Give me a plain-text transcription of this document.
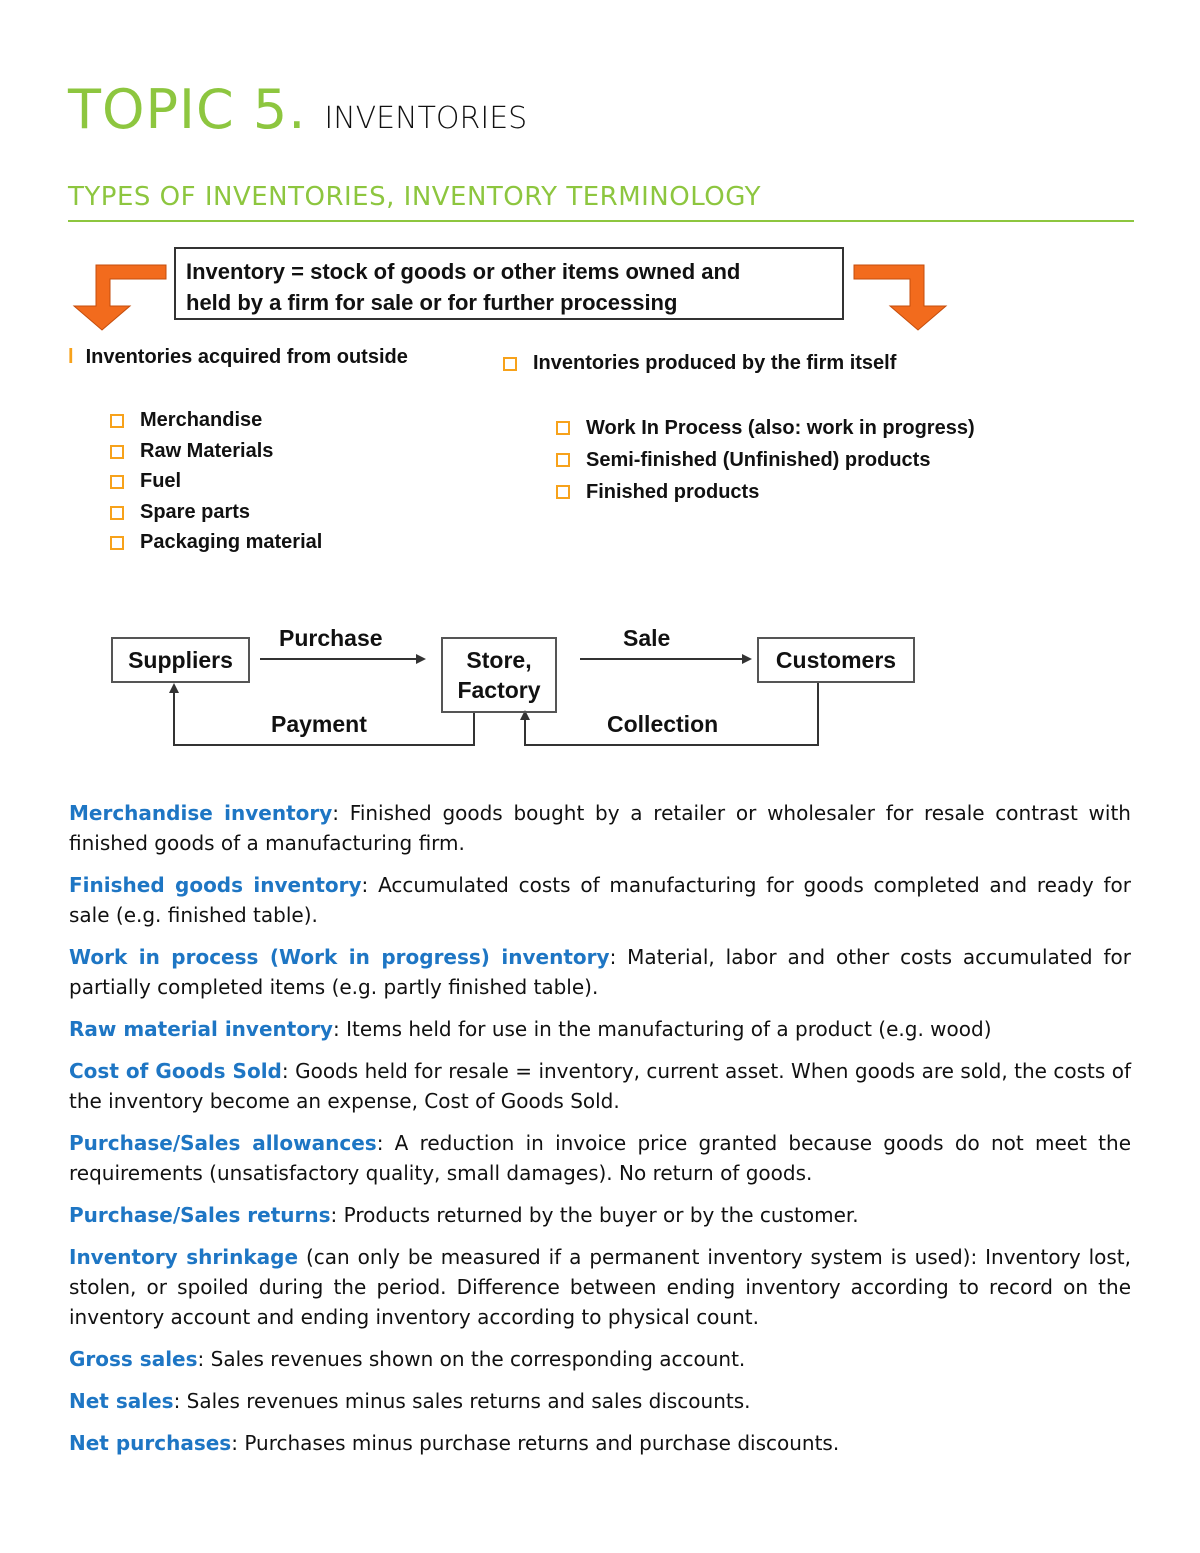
TOPIC 5. INVENTORIES
TYPES OF INVENTORIES, INVENTORY TERMINOLOGY
Inventory = stock of goods or other items owned and
held by a firm for sale or for further processing
l Inventories acquired from outside
Merchandise
Raw Materials
Fuel
Spare parts
Packaging material
Inventories produced by the firm itself
Work In Process (also: work in progress)
Semi-finished (Unfinished) products
Finished products
Suppliers	Store, Factory
Customers
Purchase	Sale
Payment	Collection

Merchandise inventory: Finished goods bought by a retailer or wholesaler for resale contrast with finished goods of a manufacturing firm.

Finished goods inventory: Accumulated costs of manufacturing for goods completed and ready for sale (e.g. finished table).

Work in process (Work in progress) inventory: Material, labor and other costs accumulated for partially completed items (e.g. partly finished table).

Raw material inventory: Items held for use in the manufacturing of a product (e.g. wood)

Cost of Goods Sold: Goods held for resale = inventory, current asset. When goods are sold, the costs of the inventory become an expense, Cost of Goods Sold.

Purchase/Sales allowances: A reduction in invoice price granted because goods do not meet the requirements (unsatisfactory quality, small damages). No return of goods.

Purchase/Sales returns: Products returned by the buyer or by the customer.

Inventory shrinkage (can only be measured if a permanent inventory system is used): Inventory lost, stolen, or spoiled during the period. Difference between ending inventory according to record on the inventory account and ending inventory according to physical count.

Gross sales: Sales revenues shown on the corresponding account.

Net sales: Sales revenues minus sales returns and sales discounts.

Net purchases: Purchases minus purchase returns and purchase discounts.
